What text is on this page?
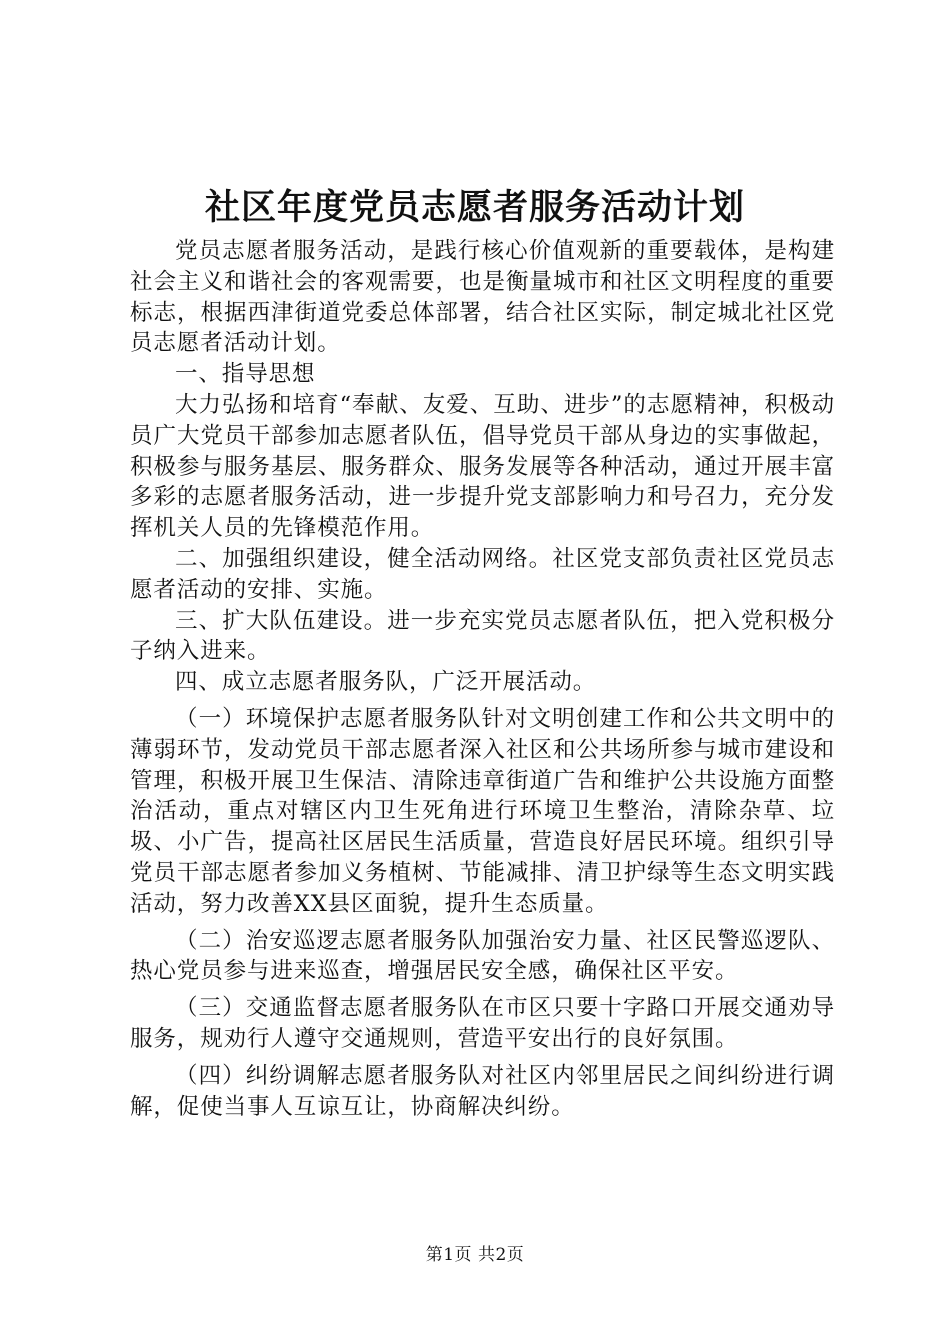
社区年度党员志愿者服务活动计划

党员志愿者服务活动，是践行核心价值观新的重要载体，是构建社会主义和谐社会的客观需要，也是衡量城市和社区文明程度的重要标志，根据西津街道党委总体部署，结合社区实际，制定城北社区党员志愿者活动计划。

一、指导思想

大力弘扬和培育“奉献、友爱、互助、进步”的志愿精神，积极动员广大党员干部参加志愿者队伍，倡导党员干部从身边的实事做起，积极参与服务基层、服务群众、服务发展等各种活动，通过开展丰富多彩的志愿者服务活动，进一步提升党支部影响力和号召力，充分发挥机关人员的先锋模范作用。

二、加强组织建设，健全活动网络。社区党支部负责社区党员志愿者活动的安排、实施。

三、扩大队伍建设。进一步充实党员志愿者队伍，把入党积极分子纳入进来。

四、成立志愿者服务队，广泛开展活动。

（一）环境保护志愿者服务队针对文明创建工作和公共文明中的薄弱环节，发动党员干部志愿者深入社区和公共场所参与城市建设和管理，积极开展卫生保洁、清除违章街道广告和维护公共设施方面整治活动，重点对辖区内卫生死角进行环境卫生整治，清除杂草、垃圾、小广告，提高社区居民生活质量，营造良好居民环境。组织引导党员干部志愿者参加义务植树、节能减排、清卫护绿等生态文明实践活动，努力改善XX县区面貌，提升生态质量。

（二）治安巡逻志愿者服务队加强治安力量、社区民警巡逻队、热心党员参与进来巡查，增强居民安全感，确保社区平安。

（三）交通监督志愿者服务队在市区只要十字路口开展交通劝导服务，规劝行人遵守交通规则，营造平安出行的良好氛围。

（四）纠纷调解志愿者服务队对社区内邻里居民之间纠纷进行调解，促使当事人互谅互让，协商解决纠纷。

第1页 共2页
